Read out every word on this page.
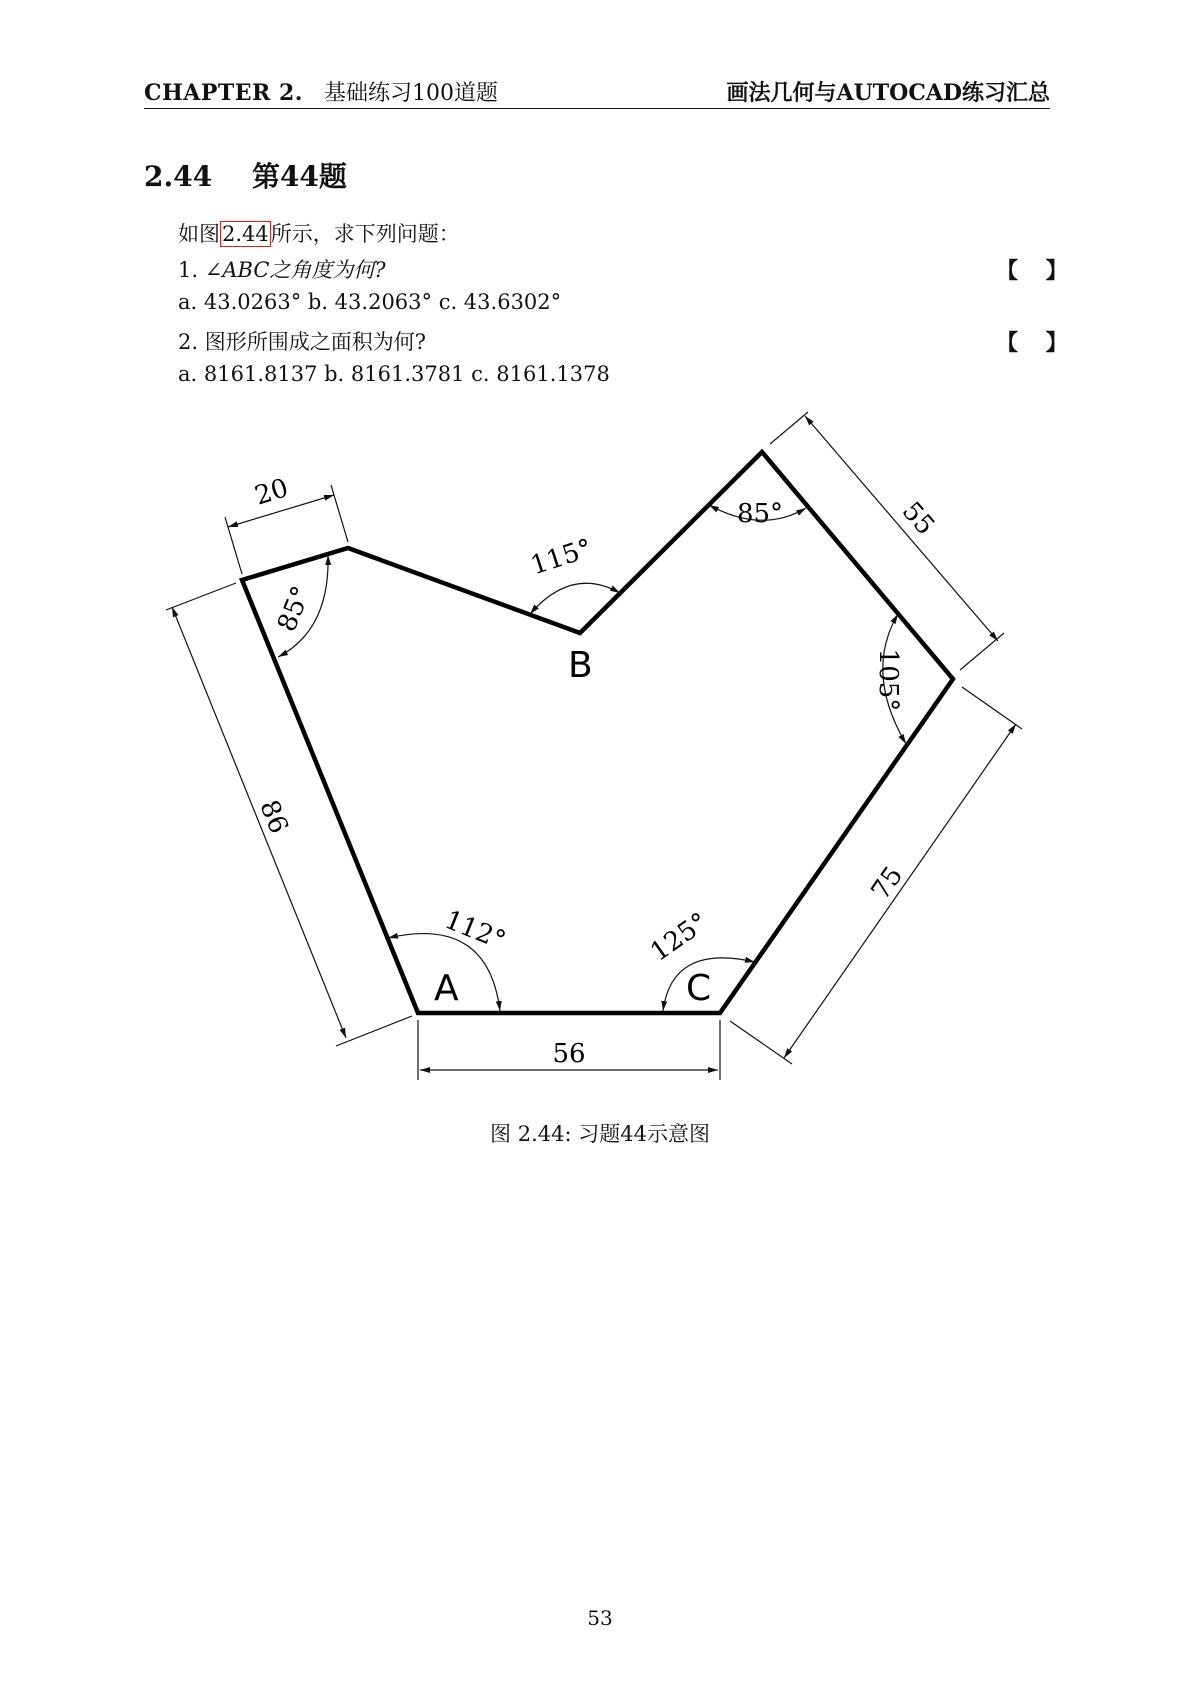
CHAPTER 2. 基础练习100道题	画法几何与AUTOCAD练习汇总
2.44 第44题
如图2.44所示，求下列问题：
1. ∠ABC之角度为何?	【 】
a. 43.0263° b. 43.2063° c. 43.6302°
2. 图形所围成之面积为何?	【 】
a. 8161.8137 b. 8161.3781 c. 8161.1378
20
55
86
75
56
85°
115°
85°
105°
112°	125°
A
B
C
图 2.44: 习题44示意图
53
